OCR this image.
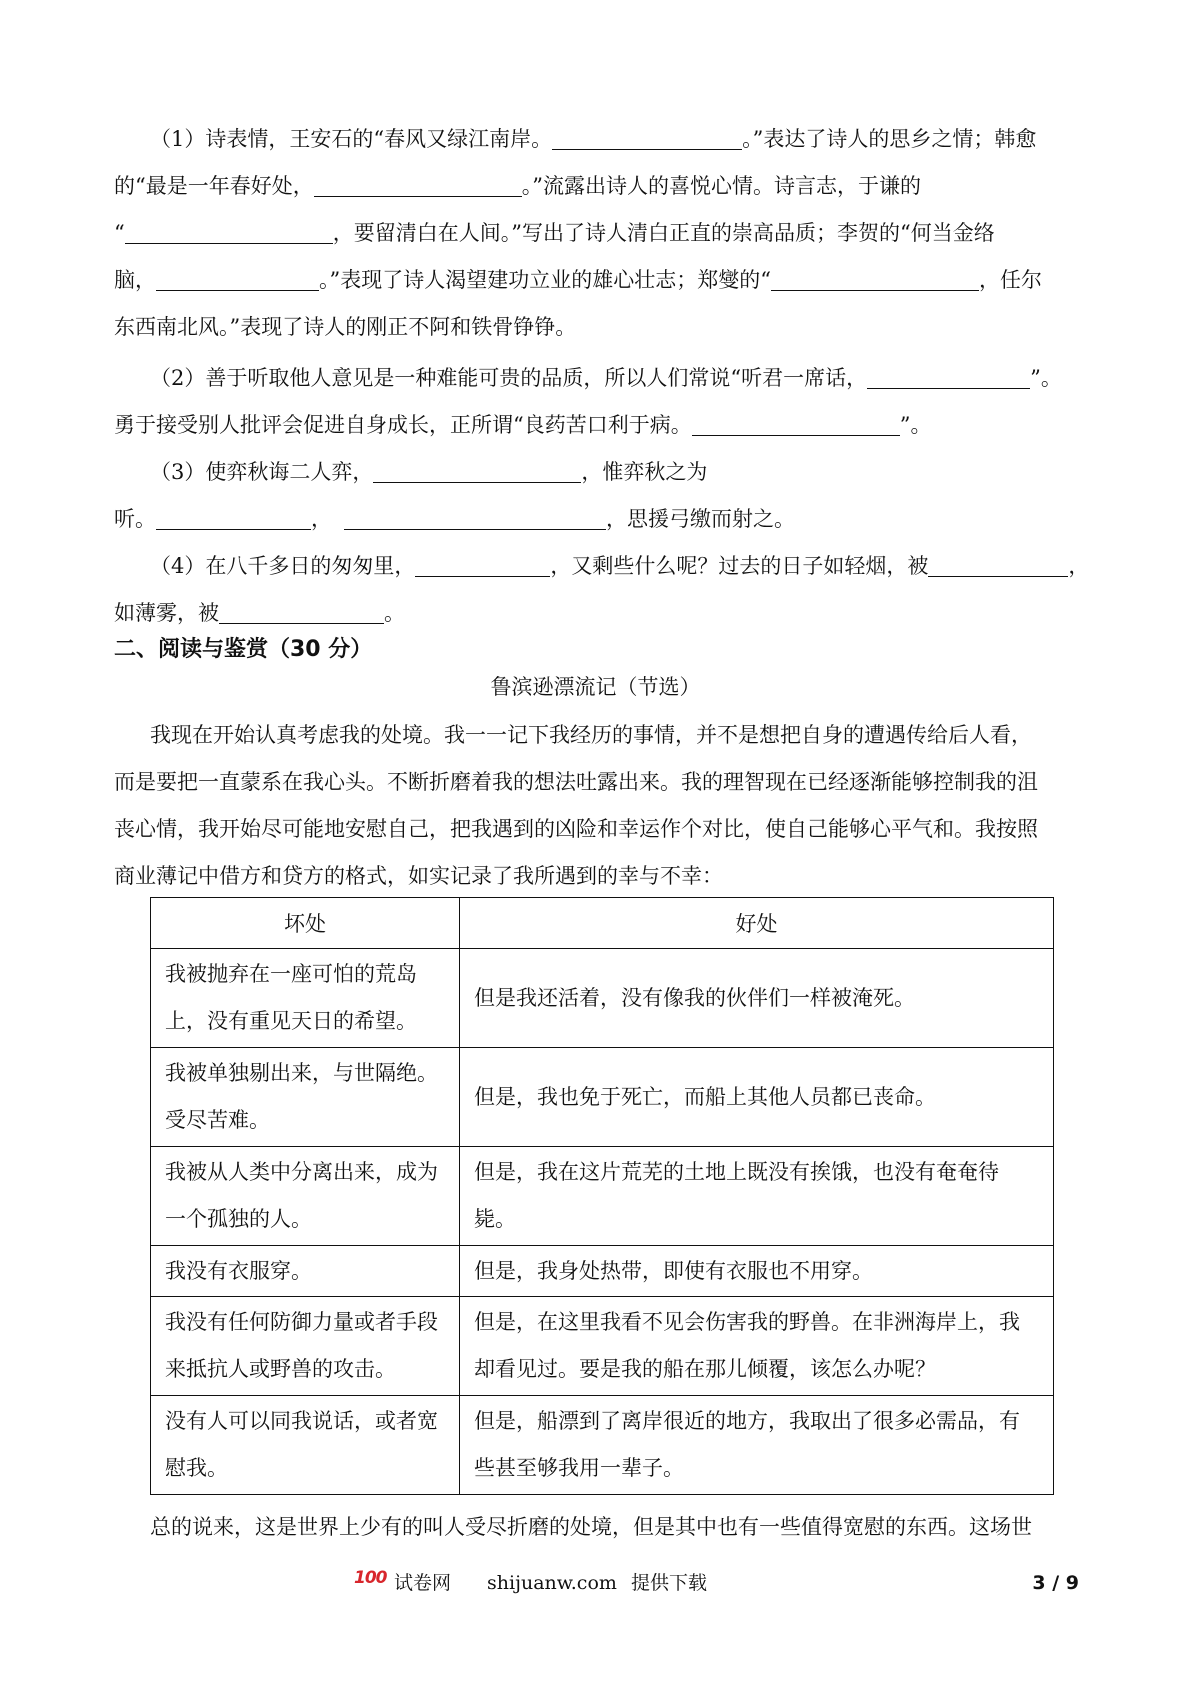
（1）诗表情，王安石的“春风又绿江南岸。	。”表达了诗人的思乡之情；韩愈
的“最是一年春好处，	。”流露出诗人的喜悦心情。诗言志，于谦的
“	，要留清白在人间。”写出了诗人清白正直的崇高品质；李贺的“何当金络
脑，	。”表现了诗人渴望建功立业的雄心壮志；郑燮的“	，任尔
东西南北风。”表现了诗人的刚正不阿和铁骨铮铮。
（2）善于听取他人意见是一种难能可贵的品质，所以人们常说“听君一席话，	”。
勇于接受别人批评会促进自身成长，正所谓“良药苦口利于病。	”。
（3）使弈秋诲二人弈，	，惟弈秋之为
听。	，	，思援弓缴而射之。
（4）在八千多日的匆匆里，	，又剩些什么呢？过去的日子如轻烟，被	，
如薄雾，被	。
二、阅读与鉴赏（30 分）
鲁滨逊漂流记（节选）
我现在开始认真考虑我的处境。我一一记下我经历的事情，并不是想把自身的遭遇传给后人看，
而是要把一直蒙系在我心头。不断折磨着我的想法吐露出来。我的理智现在已经逐渐能够控制我的沮
丧心情，我开始尽可能地安慰自己，把我遇到的凶险和幸运作个对比，使自己能够心平气和。我按照
商业薄记中借方和贷方的格式，如实记录了我所遇到的幸与不幸：
坏处	好处
我被抛弃在一座可怕的荒岛
上，没有重见天日的希望。	但是我还活着，没有像我的伙伴们一样被淹死。
我被单独剔出来，与世隔绝。
受尽苦难。	但是，我也免于死亡，而船上其他人员都已丧命。
我被从人类中分离出来，成为
一个孤独的人。	但是，我在这片荒芜的土地上既没有挨饿，也没有奄奄待毙。
我没有衣服穿。	但是，我身处热带，即使有衣服也不用穿。
我没有任何防御力量或者手段
来抵抗人或野兽的攻击。	但是，在这里我看不见会伤害我的野兽。在非洲海岸上，我
却看见过。要是我的船在那儿倾覆，该怎么办呢？
没有人可以同我说话，或者宽
慰我。	但是，船漂到了离岸很近的地方，我取出了很多必需品，有
些甚至够我用一辈子。
总的说来，这是世界上少有的叫人受尽折磨的处境，但是其中也有一些值得宽慰的东西。这场世
100 试卷网 shijuanw.com 提供下载	3 / 9
